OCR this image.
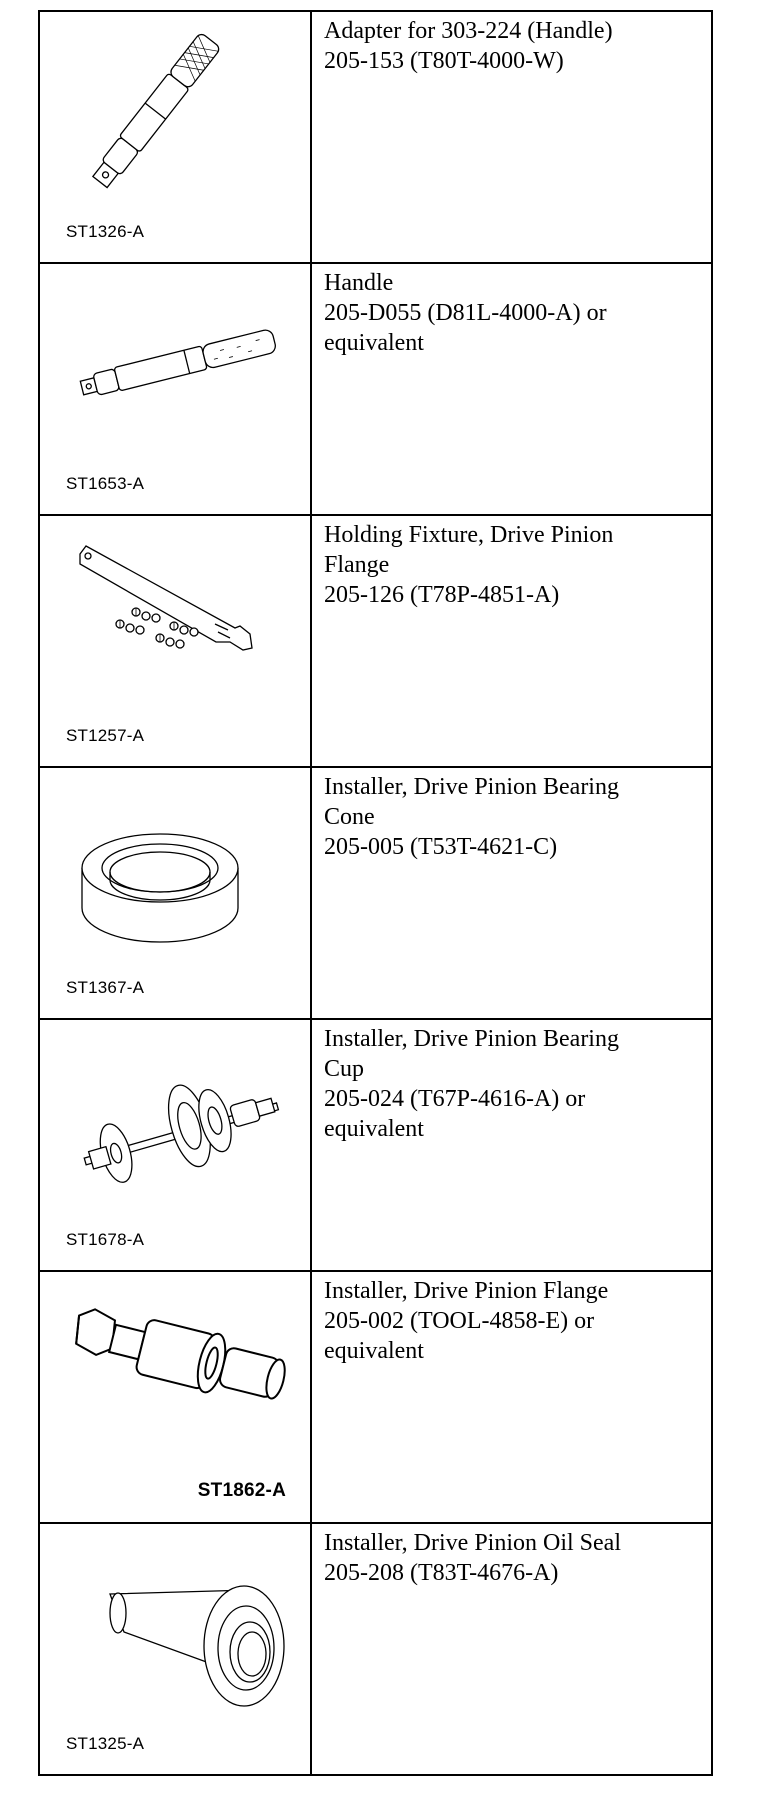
ST1326-A	Adapter for 303-224 (Handle)
205-153 (T80T-4000-W)

ST1653-A	Handle
205-D055 (D81L-4000-A) or
equivalent

ST1257-A	Holding Fixture, Drive Pinion
Flange
205-126 (T78P-4851-A)

ST1367-A	Installer, Drive Pinion Bearing
Cone
205-005 (T53T-4621-C)

ST1678-A	Installer, Drive Pinion Bearing
Cup
205-024 (T67P-4616-A) or
equivalent

ST1862-A	Installer, Drive Pinion Flange
205-002 (TOOL-4858-E) or
equivalent

ST1325-A	Installer, Drive Pinion Oil Seal
205-208 (T83T-4676-A)
